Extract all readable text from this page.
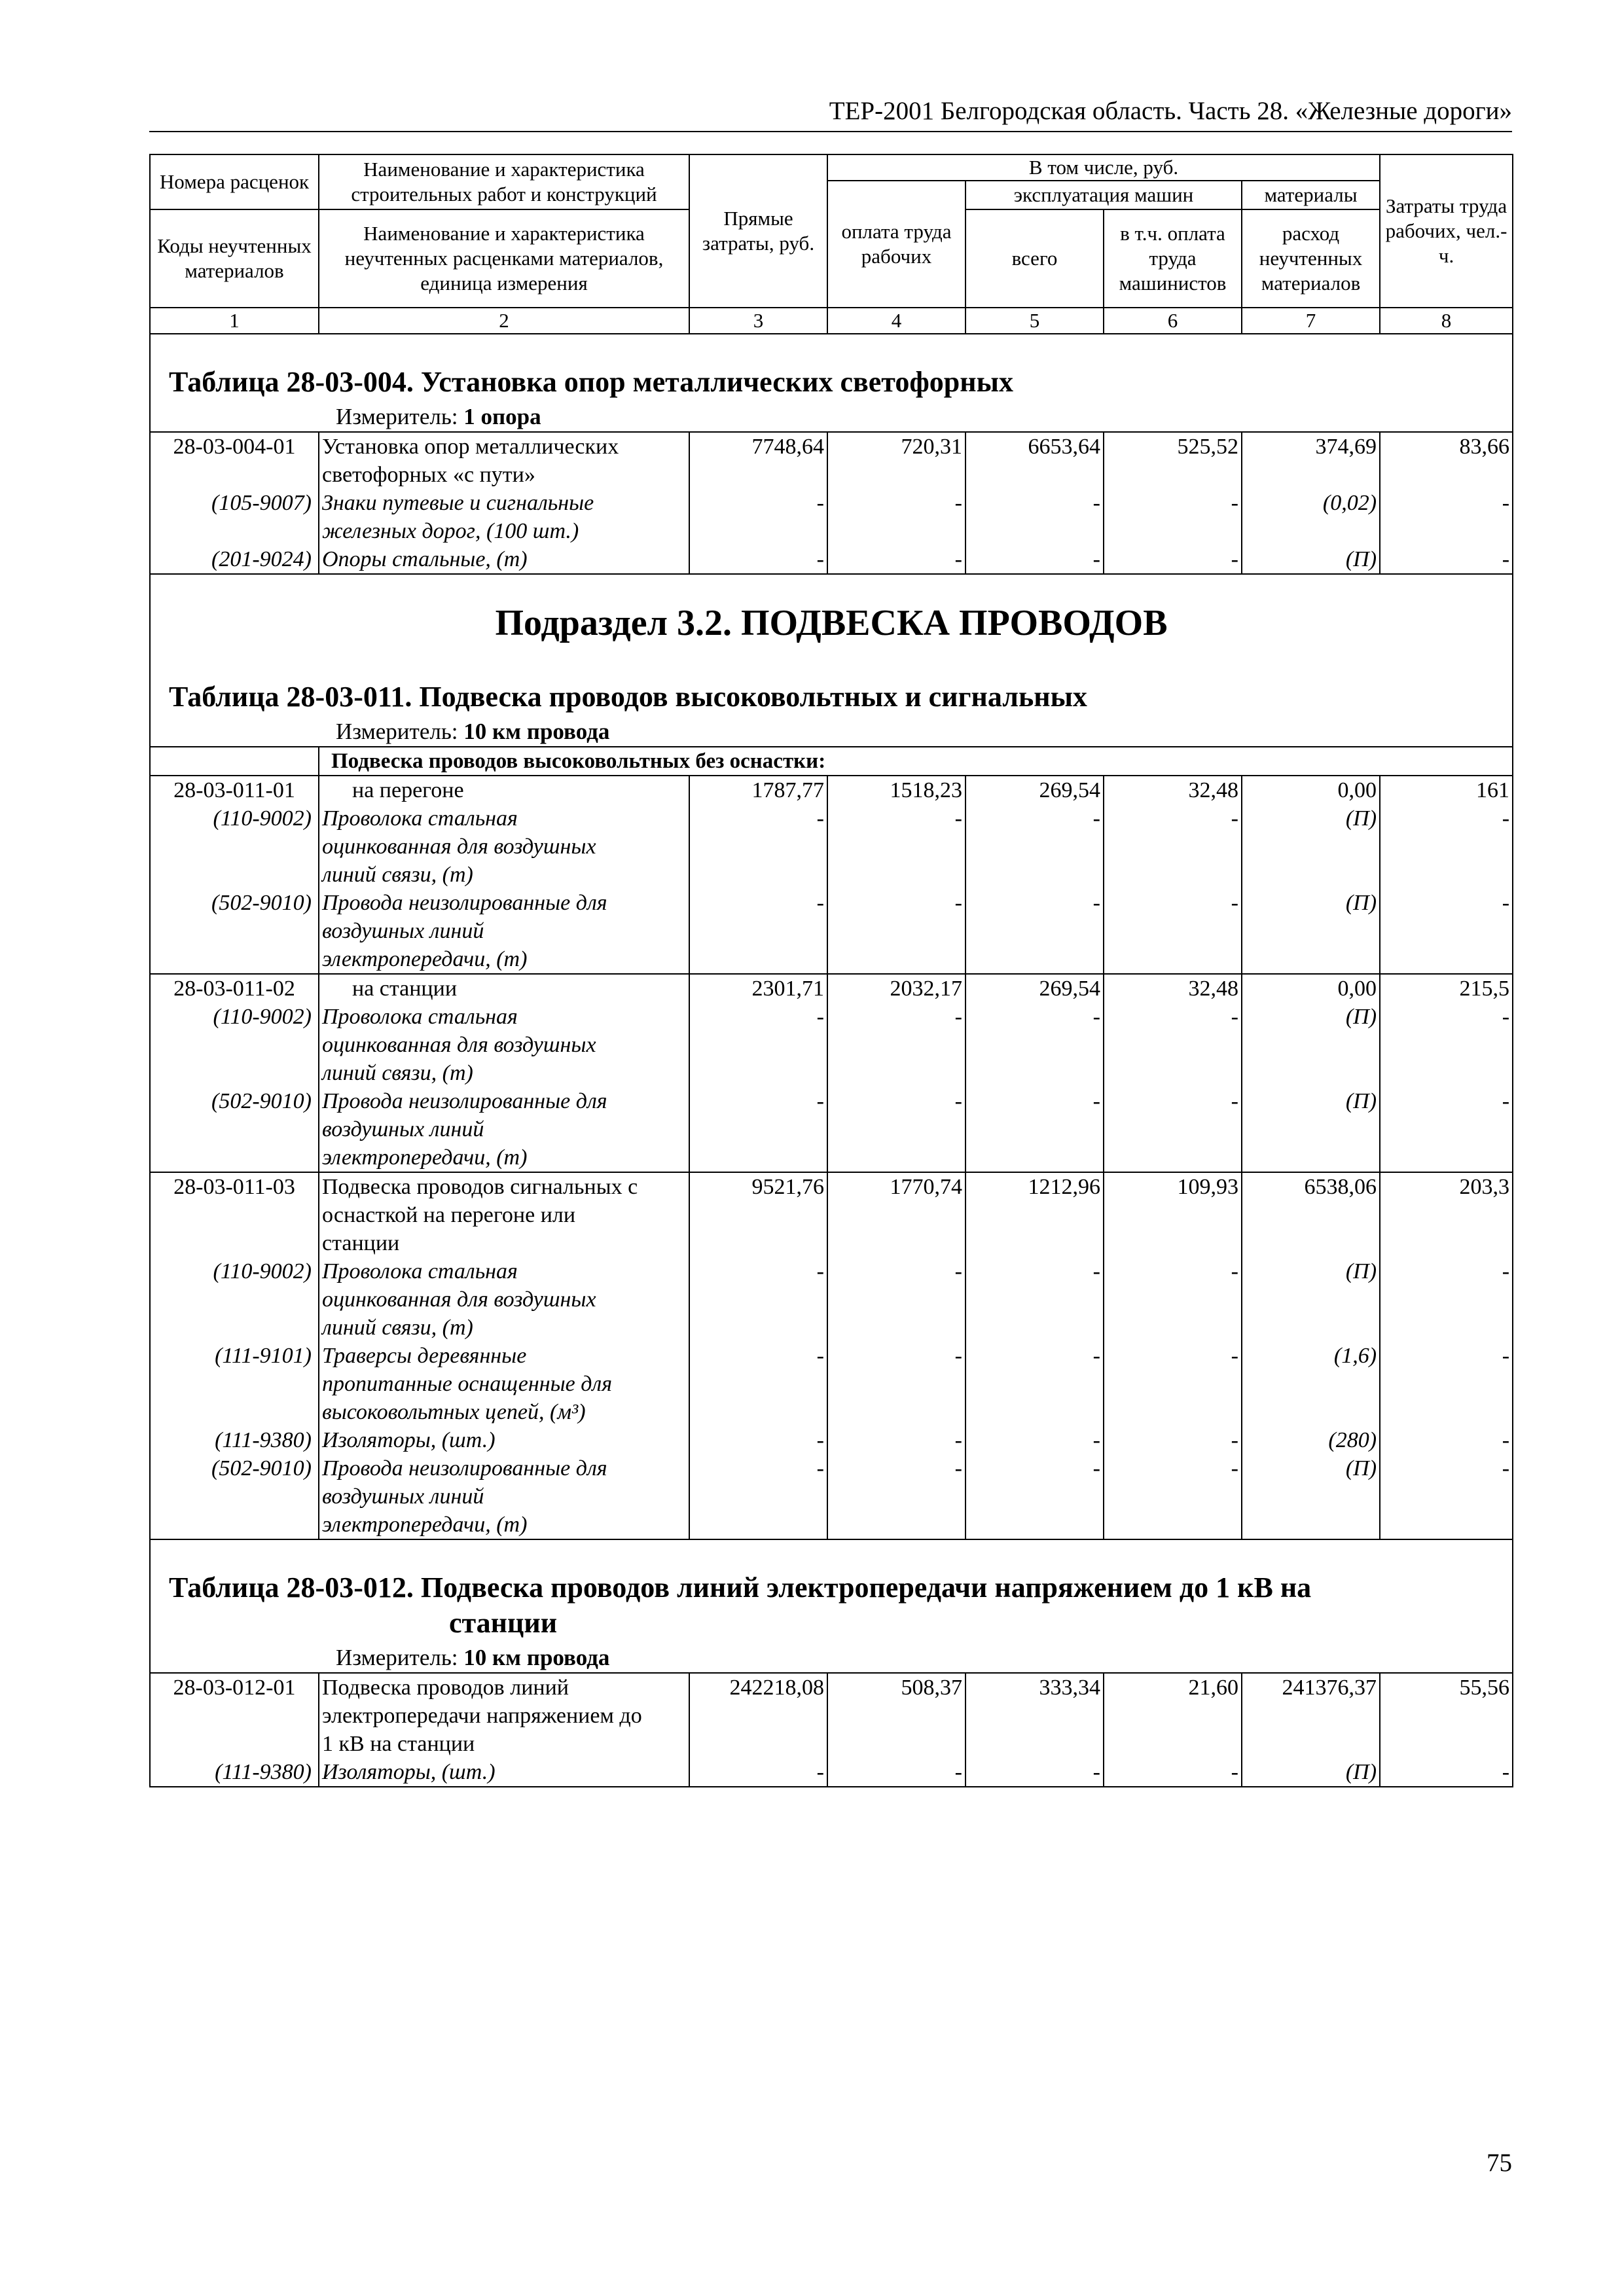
ТЕР-2001 Белгородская область. Часть 28. «Железные дороги»
Номера расценок	Наименование и характеристика строительных работ и конструкций	Прямые затраты, руб.	В том числе, руб.				Затраты труда рабочих, чел.-ч.
			оплата труда рабочих	эксплуатация машин		материалы	
Коды неучтенных материалов	Наименование и характеристика неучтенных расценками материалов, единица измерения			всего	в т.ч. оплата труда машинистов	расход неучтенных материалов	

1	2	3	4	5	6	7	8

Таблица 28-03-004. Установка опор металлических светофорных
Измеритель: 1 опора							

28-03-004-01	Установка опор металлических
светофорных «с пути»	7748,64	720,31	6653,64	525,52	374,69	83,66
(105-9007)	Знаки путевые и сигнальные
железных дорог, (100 шт.)	-	-	-	-	(0,02)	-
(201-9024)	Опоры стальные, (т)	-	-	-	-	(П)	-

Подраздел 3.2. ПОДВЕСКА ПРОВОДОВ
Таблица 28-03-011. Подвеска проводов высоковольтных и сигнальных
Измеритель: 10 км провода							

	Подвеска проводов высоковольтных без оснастки:						
28-03-011-01	на перегоне	1787,77	1518,23	269,54	32,48	0,00	161
(110-9002)	Проволока стальная
оцинкованная для воздушных
линий связи, (т)	-	-	-	-	(П)	-
(502-9010)	Провода неизолированные для
воздушных линий
электропередачи, (т)	-	-	-	-	(П)	-
28-03-011-02	на станции	2301,71	2032,17	269,54	32,48	0,00	215,5
(110-9002)	Проволока стальная
оцинкованная для воздушных
линий связи, (т)	-	-	-	-	(П)	-
(502-9010)	Провода неизолированные для
воздушных линий
электропередачи, (т)	-	-	-	-	(П)	-
28-03-011-03	Подвеска проводов сигнальных с
оснасткой на перегоне или
станции	9521,76	1770,74	1212,96	109,93	6538,06	203,3
(110-9002)	Проволока стальная
оцинкованная для воздушных
линий связи, (т)	-	-	-	-	(П)	-
(111-9101)	Траверсы деревянные
пропитанные оснащенные для
высоковольтных цепей, (м³)	-	-	-	-	(1,6)	-
(111-9380)	Изоляторы, (шт.)	-	-	-	-	(280)	-
(502-9010)	Провода неизолированные для
воздушных линий
электропередачи, (т)	-	-	-	-	(П)	-

Таблица 28-03-012. Подвеска проводов линий электропередачи напряжением до 1 кВ на
станции
Измеритель: 10 км провода							

28-03-012-01	Подвеска проводов линий
электропередачи напряжением до
1 кВ на станции	242218,08	508,37	333,34	21,60	241376,37	55,56
(111-9380)	Изоляторы, (шт.)	-	-	-	-	(П)	-
75
